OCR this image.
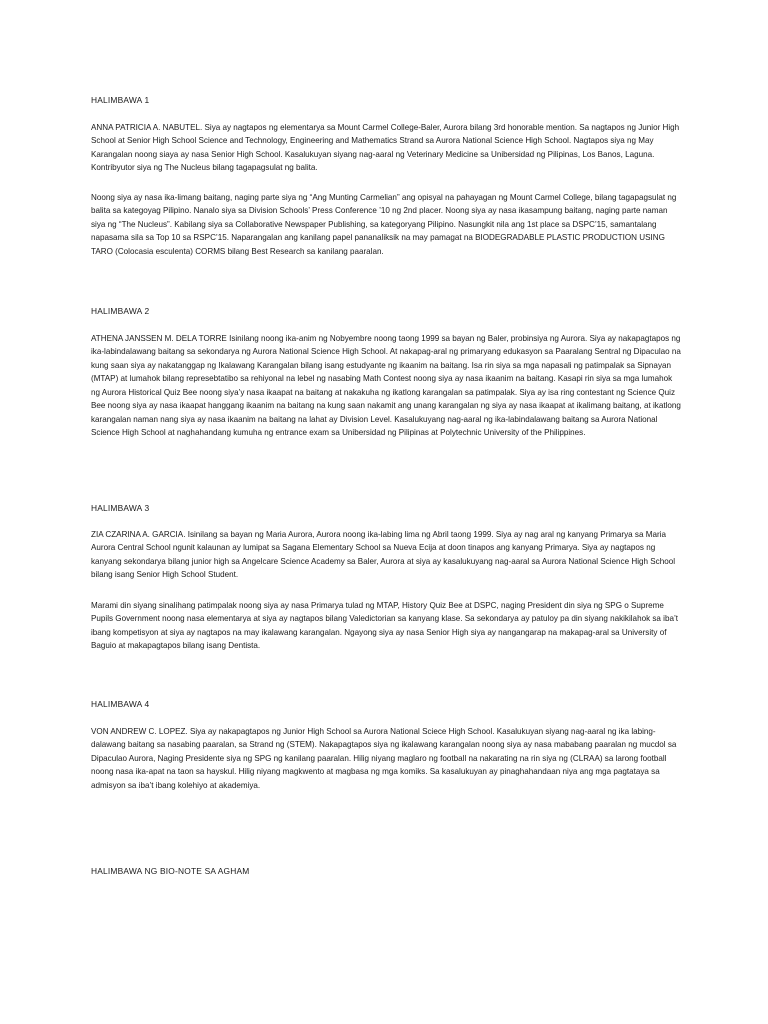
HALIMBAWA 1
ANNA PATRICIA A. NABUTEL. Siya ay nagtapos ng elementarya sa Mount Carmel College-Baler, Aurora bilang 3rd honorable mention. Sa nagtapos ng Junior High School at Senior High School Science and Technology, Engineering and Mathematics Strand sa Aurora National Science High School. Nagtapos siya ng May Karangalan noong siaya ay nasa Senior High School. Kasalukuyan siyang nag-aaral ng Veterinary Medicine sa Unibersidad ng Pilipinas, Los Banos, Laguna. Kontribyutor siya ng The Nucleus bilang tagapagsulat ng balita.
Noong siya ay nasa ika-limang baitang, naging parte siya ng “Ang Munting Carmelian” ang opisyal na pahayagan ng Mount Carmel College, bilang tagapagsulat ng balita sa kategoyag Pilipino. Nanalo siya sa Division Schools’ Press Conference ’10 ng 2nd placer. Noong siya ay nasa ikasampung baitang, naging parte naman siya ng “The Nucleus”. Kabilang siya sa Collaborative Newspaper Publishing, sa kategoryang Pilipino. Nasungkit nila ang 1st place sa DSPC’15, samantalang napasama sila sa Top 10 sa RSPC’15. Naparangalan ang kanilang papel pananaliksik na may pamagat na BIODEGRADABLE PLASTIC PRODUCTION USING TARO (Colocasia esculenta) CORMS bilang Best Research sa kanilang paaralan.
HALIMBAWA 2
ATHENA JANSSEN M. DELA TORRE Isinilang noong ika-anim ng Nobyembre noong taong 1999 sa bayan ng Baler, probinsiya ng Aurora. Siya ay nakapagtapos ng ika-labindalawang baitang sa sekondarya ng Aurora National Science High School. At nakapag-aral ng primaryang edukasyon sa Paaralang Sentral ng Dipaculao na kung saan siya ay nakatanggap ng Ikalawang Karangalan bilang isang estudyante ng ikaanim na baitang. Isa rin siya sa mga napasali ng patimpalak sa Sipnayan (MTAP) at lumahok bilang represebtatibo sa rehiyonal na lebel ng nasabing Math Contest noong siya ay nasa ikaanim na baitang. Kasapi rin siya sa mga lumahok ng Aurora Historical Quiz Bee noong siya’y nasa ikaapat na baitang at nakakuha ng ikatlong karangalan sa patimpalak. Siya ay isa ring contestant ng Science Quiz Bee noong siya ay nasa ikaapat hanggang ikaanim na baitang na kung saan nakamit ang unang karangalan ng siya ay nasa ikaapat at ikalimang baitang, at ikatlong karangalan naman nang siya ay nasa ikaanim na baitang na lahat ay Division Level. Kasalukuyang nag-aaral ng ika-labindalawang baitang sa Aurora National Science High School at naghahandang kumuha ng entrance exam sa Unibersidad ng Pilipinas at Polytechnic University of the Philippines.
HALIMBAWA 3
ZIA CZARINA A. GARCIA. Isinilang sa bayan ng Maria Aurora, Aurora noong ika-labing lima ng Abril taong 1999. Siya ay nag aral ng kanyang Primarya sa Maria Aurora Central School ngunit kalaunan ay lumipat sa Sagana Elementary School sa Nueva Ecija at doon tinapos ang kanyang Primarya. Siya ay nagtapos ng kanyang sekondarya bilang junior high sa Angelcare Science Academy sa Baler, Aurora at siya ay kasalukuyang nag-aaral sa Aurora National Science High School bilang isang Senior High School Student.
Marami din siyang sinalihang patimpalak noong siya ay nasa Primarya tulad ng MTAP, History Quiz Bee at DSPC, naging President din siya ng SPG o Supreme Pupils Government noong nasa elementarya at siya ay nagtapos bilang Valedictorian sa kanyang klase. Sa sekondarya ay patuloy pa din siyang nakikilahok sa iba’t ibang kompetisyon at siya ay nagtapos na may ikalawang karangalan. Ngayong siya ay nasa Senior High siya ay nangangarap na makapag-aral sa University of Baguio at makapagtapos bilang isang Dentista.
HALIMBAWA 4
VON ANDREW C. LOPEZ. Siya ay nakapagtapos ng Junior High School sa Aurora National Sciece High School. Kasalukuyan siyang nag-aaral ng ika labing-dalawang baitang sa nasabing paaralan, sa Strand ng (STEM). Nakapagtapos siya ng ikalawang karangalan noong siya ay nasa mababang paaralan ng mucdol sa Dipaculao Aurora, Naging Presidente siya ng SPG ng kanilang paaralan. Hilig niyang maglaro ng football na nakarating na rin siya ng (CLRAA) sa larong football noong nasa ika-apat na taon sa hayskul. Hilig niyang magkwento at magbasa ng mga komiks. Sa kasalukuyan ay pinaghahandaan niya ang mga pagtataya sa admisyon sa iba’t ibang kolehiyo at akademiya.
HALIMBAWA NG BIO-NOTE SA AGHAM
